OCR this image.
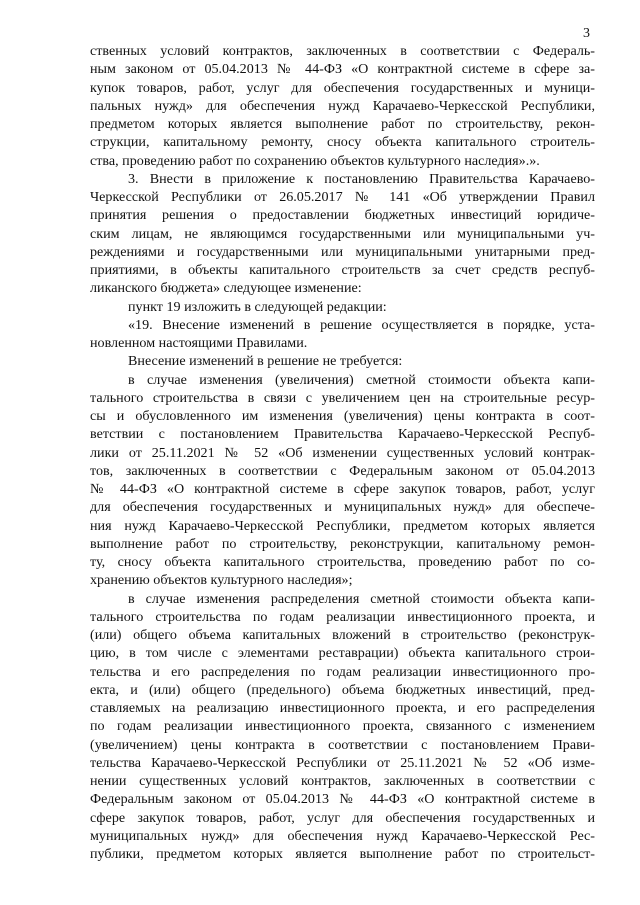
3
ственных условий контрактов, заключенных в соответствии с Федераль-
ным законом от 05.04.2013 № 44-ФЗ «О контрактной системе в сфере за-
купок товаров, работ, услуг для обеспечения государственных и муници-
пальных нужд» для обеспечения нужд Карачаево-Черкесской Республики,
предметом которых является выполнение работ по строительству, рекон-
струкции, капитальному ремонту, сносу объекта капитального строитель-
ства, проведению работ по сохранению объектов культурного наследия».».
3. Внести в приложение к постановлению Правительства Карачаево-
Черкесской Республики от 26.05.2017 № 141 «Об утверждении Правил
принятия решения о предоставлении бюджетных инвестиций юридиче-
ским лицам, не являющимся государственными или муниципальными уч-
реждениями и государственными или муниципальными унитарными пред-
приятиями, в объекты капитального строительств за счет средств респуб-
ликанского бюджета» следующее изменение:
пункт 19 изложить в следующей редакции:
«19. Внесение изменений в решение осуществляется в порядке, уста-
новленном настоящими Правилами.
Внесение изменений в решение не требуется:
в случае изменения (увеличения) сметной стоимости объекта капи-
тального строительства в связи с увеличением цен на строительные ресур-
сы и обусловленного им изменения (увеличения) цены контракта в соот-
ветствии с постановлением Правительства Карачаево-Черкесской Респуб-
лики от 25.11.2021 № 52 «Об изменении существенных условий контрак-
тов, заключенных в соответствии с Федеральным законом от 05.04.2013
№ 44-ФЗ «О контрактной системе в сфере закупок товаров, работ, услуг
для обеспечения государственных и муниципальных нужд» для обеспече-
ния нужд Карачаево-Черкесской Республики, предметом которых является
выполнение работ по строительству, реконструкции, капитальному ремон-
ту, сносу объекта капитального строительства, проведению работ по со-
хранению объектов культурного наследия»;
в случае изменения распределения сметной стоимости объекта капи-
тального строительства по годам реализации инвестиционного проекта, и
(или) общего объема капитальных вложений в строительство (реконструк-
цию, в том числе с элементами реставрации) объекта капитального строи-
тельства и его распределения по годам реализации инвестиционного про-
екта, и (или) общего (предельного) объема бюджетных инвестиций, пред-
ставляемых на реализацию инвестиционного проекта, и его распределения
по годам реализации инвестиционного проекта, связанного с изменением
(увеличением) цены контракта в соответствии с постановлением Прави-
тельства Карачаево-Черкесской Республики от 25.11.2021 № 52 «Об изме-
нении существенных условий контрактов, заключенных в соответствии с
Федеральным законом от 05.04.2013 № 44-ФЗ «О контрактной системе в
сфере закупок товаров, работ, услуг для обеспечения государственных и
муниципальных нужд» для обеспечения нужд Карачаево-Черкесской Рес-
публики, предметом которых является выполнение работ по строительст-
